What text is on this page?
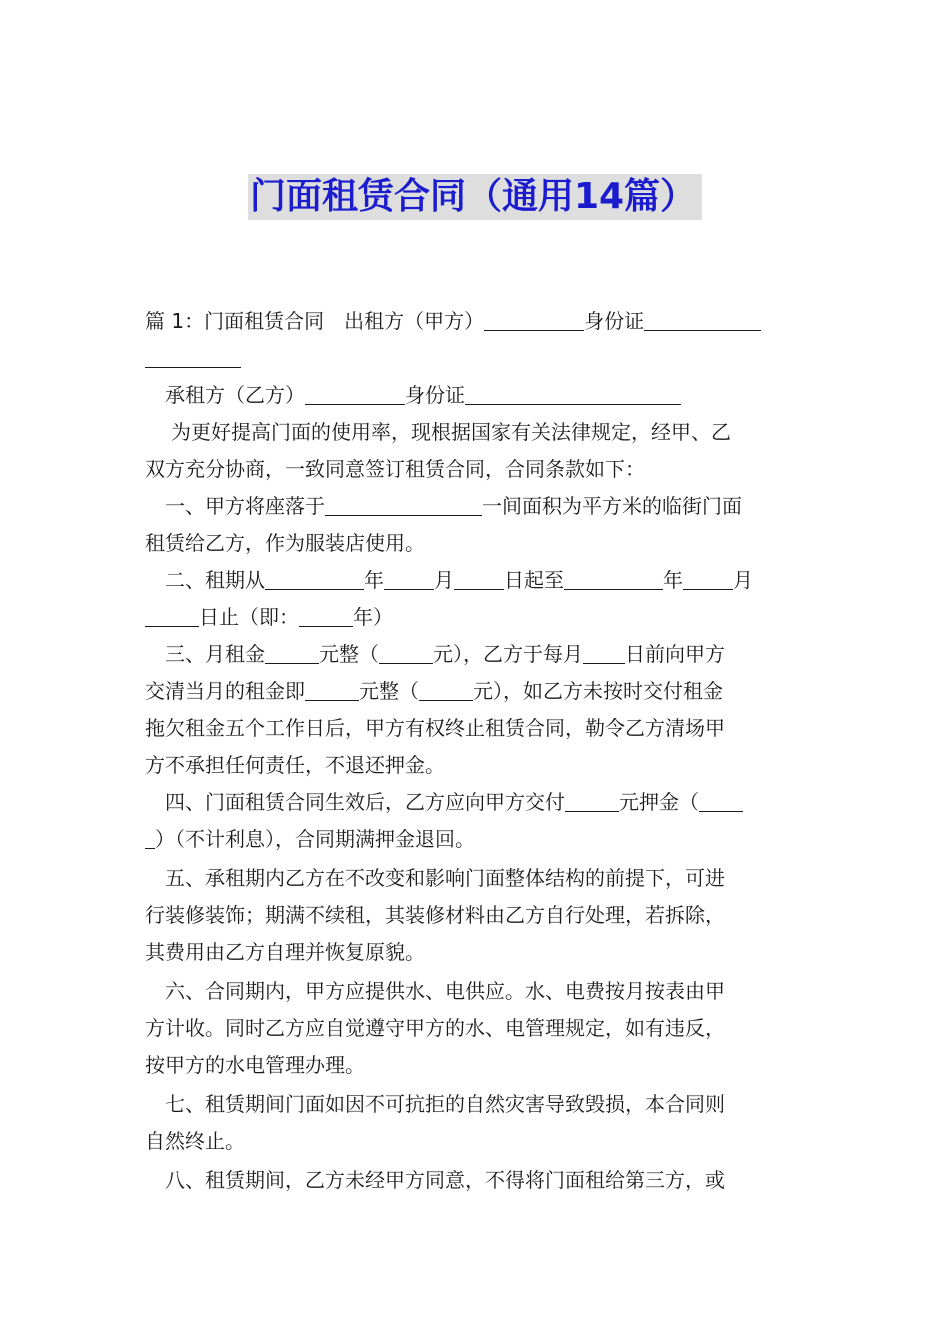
门面租赁合同（通用14篇）
篇 1：门面租赁合同　出租方（甲方）	身份证
承租方（乙方）	身份证
为更好提高门面的使用率，现根据国家有关法律规定，经甲、乙
双方充分协商，一致同意签订租赁合同，合同条款如下：
一、甲方将座落于	一间面积为平方米的临街门面
租赁给乙方，作为服装店使用。
二、租期从	年	月	日起至	年	月
日止（即：	年）
三、月租金	元整（	元），乙方于每月 日前向甲方
交清当月的租金即	元整（	元），如乙方未按时交付租金
拖欠租金五个工作日后，甲方有权终止租赁合同，勒令乙方清场甲
方不承担任何责任，不退还押金。
四、门面租赁合同生效后，乙方应向甲方交付	元押金（
）（不计利息），合同期满押金退回。
五、承租期内乙方在不改变和影响门面整体结构的前提下，可进
行装修装饰；期满不续租，其装修材料由乙方自行处理，若拆除，
其费用由乙方自理并恢复原貌。
六、合同期内，甲方应提供水、电供应。水、电费按月按表由甲
方计收。同时乙方应自觉遵守甲方的水、电管理规定，如有违反，
按甲方的水电管理办理。
七、租赁期间门面如因不可抗拒的自然灾害导致毁损，本合同则
自然终止。
八、租赁期间，乙方未经甲方同意，不得将门面租给第三方，或
